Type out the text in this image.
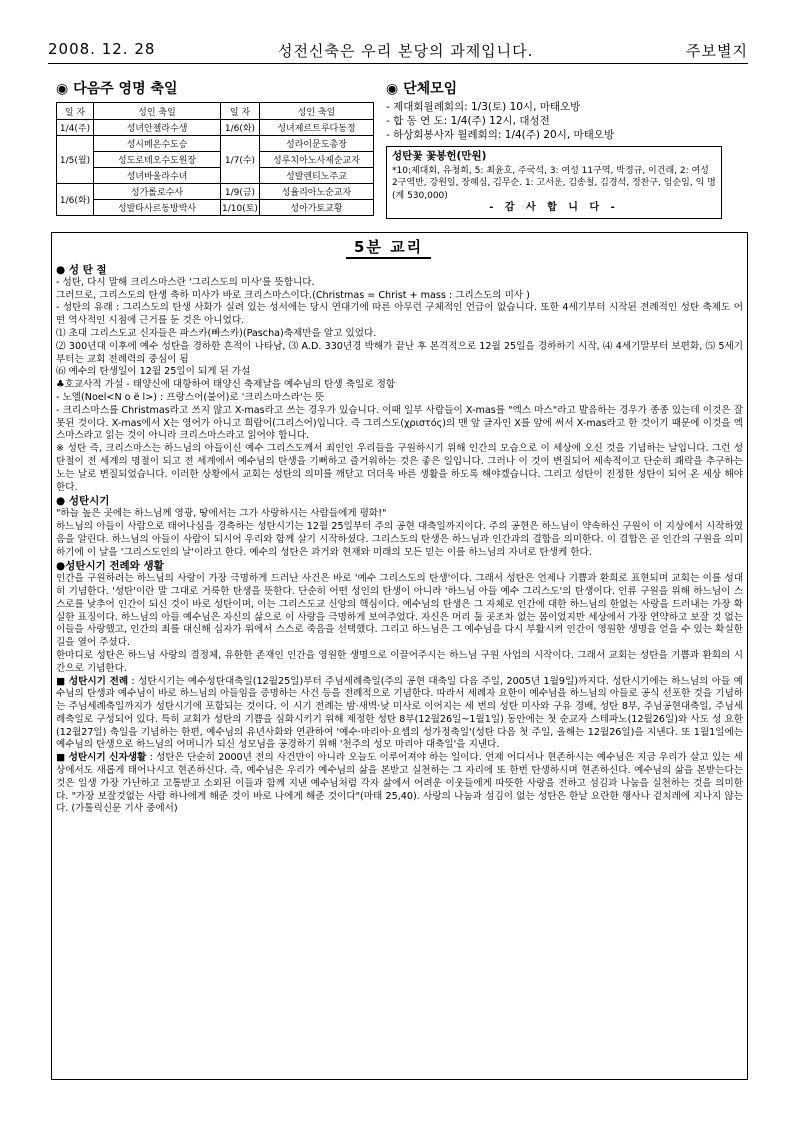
2008. 12. 28	성전신축은 우리 본당의 과제입니다.	주보별지
◉ 다음주 영명 축일
일 자	성인 축일	일 자	성인 축일
1/4(주)	성녀안젤라수생	1/6(화)	성녀제르트루다동정
1/5(월)	성시메온수도승	1/7(수)	성라이문도총장
	성도로테오수도원장		성루치아노사제순교자
	성녀바울라수녀		성발렌티노주교
1/6(화)	성가롤로수사	1/9(금)	성율리아노순교자
	성발타사르동방박사	1/10(토)	성아가토교황
◉ 단체모임
- 제대회월례회의: 1/3(토) 10시, 마태오방
- 합 동 연 도: 1/4(주) 12시, 대성전
- 하상회봉사자 월례회의: 1/4(주) 20시, 마태오방
성탄꽃 꽃봉헌(만원)
*10:제대회, 유청희, 5: 최윤호, 주국석, 3: 여성 11구역, 박정규, 이건래, 2: 여성 2구역반, 강원일, 장혜심, 김무순. 1: 고서운, 김송철, 김경석, 정찬구, 임순임, 익 명(계 530,000)
- 감 사 합 니 다 -
5분 교리

● 성 탄 절

- 성탄, 다시 말해 크리스마스란 '그리스도의 미사'를 뜻합니다.

그러므로, 그리스도의 탄생 축하 미사가 바로 크리스마스이다.(Christmas = Christ + mass : 그리스도의 미사 )

- 성탄의 유래 : 그리스도의 탄생 사화가 실려 있는 성서에는 당시 연대기에 따른 아무런 구체적인 언급이 없습니다. 또한 4세기부터 시작된 전례적인 성탄 축제도 어떤 역사적인 시점에 근거를 둔 것은 아니었다.

⑴ 초대 그리스도교 신자들은 파스카(빠스카)(Pascha)축제만을 알고 있었다.

⑵ 300년대 이후에 예수 성탄을 경하한 흔적이 나타남, ⑶ A.D. 330년경 박해가 끝난 후 본격적으로 12월 25일을 경하하기 시작, ⑷ 4세기말부터 보편화, ⑸ 5세기부터는 교회 전례력의 중심이 됨

⑹ 예수의 탄생일이 12월 25일이 되게 된 가설

♣호교사적 가설 - 태양신에 대항하여 태양신 축제날을 예수님의 탄생 축일로 정함

- 노엘(Noel<N o ё l>) : 프랑스어(불어)로 '크리스마스라'는 뜻

- 크리스마스를 Christmas라고 쓰지 않고 X-mas라고 쓰는 경우가 있습니다. 이때 일부 사람들이 X-mas를 "엑스 마스"라고 발음하는 경우가 종종 있는데 이것은 잘못된 것이다. X-mas에서 X는 영어가 아니고 희랍어(그리스어)입니다. 즉 그리스도(χριστός)의 맨 앞 글자인 X를 앞에 써서 X-mas라고 한 것이기 때문에 이것을 엑스마스라고 읽는 것이 아니라 크리스마스라고 읽어야 합니다.

※ 성탄 즉, 크리스마스는 하느님의 아들이신 예수 그리스도께서 죄인인 우리들을 구원하시기 위해 인간의 모습으로 이 세상에 오신 것을 기념하는 날입니다. 그런 성탄절이 전 세계의 명절이 되고 전 세계에서 예수님의 탄생을 기뻐하고 즐거워하는 것은 좋은 일입니다. 그러나 이 것이 변질되어 세속적이고 단순히 쾌락을 추구하는 노는 날로 변질되었습니다. 이러한 상황에서 교회는 성탄의 의미를 깨닫고 더더욱 바른 생활을 하도록 해야겠습니다. 그리고 성탄이 진정한 성탄이 되어 온 세상 해야 한다.

● 성탄시기

"하늘 높은 곳에는 하느님께 영광, 땅에서는 그가 사랑하시는 사람들에게 평화!"

하느님의 아들이 사람으로 태어나심을 경축하는 성탄시기는 12월 25일부터 주의 공현 대축일까지이다. 주의 공현은 하느님이 약속하신 구원이 이 지상에서 시작하였음을 알린다. 하느님의 아들이 사람이 되시어 우리와 함께 살기 시작하셨다. 그리스도의 탄생은 하느님과 인간과의 결합을 의미한다. 이 결합은 곧 인간의 구원을 의미하기에 이 날을 '그리스도인의 날'이라고 한다. 예수의 성탄은 과거와 현재와 미래의 모든 믿는 이를 하느님의 자녀로 탄생케 한다.

●성탄시기 전례와 생활

인간을 구원하려는 하느님의 사랑이 가장 극명하게 드러난 사건은 바로 '예수 그리스도의 탄생'이다. 그래서 성탄은 언제나 기쁨과 환희로 표현되며 교회는 이를 성대히 기념한다. '성탄'이란 말 그대로 거룩한 탄생을 뜻한다. 단순히 어떤 성인의 탄생이 아니라 '하느님 아들 예수 그리스도'의 탄생이다. 인류 구원을 위해 하느님이 스스로를 낮추어 인간이 되신 것이 바로 성탄이며, 이는 그리스도교 신앙의 핵심이다. 예수님의 탄생은 그 자체로 인간에 대한 하느님의 한없는 사랑을 드러내는 가장 확실한 표징이다. 하느님의 아들 예수님은 자신의 삶으로 이 사랑을 극명하게 보여주었다. 자신은 머리 둘 곳조차 없는 몸이었지만 세상에서 가장 연약하고 보잘 것 없는 이들을 사랑했고, 인간의 죄를 대신해 십자가 위에서 스스로 죽음을 선택했다. 그리고 하느님은 그 예수님을 다시 부활시켜 인간이 영원한 생명을 얻을 수 있는 확실한 길을 열어 주셨다.

한마디로 성탄은 하느님 사랑의 결정체, 유한한 존재인 인간을 영원한 생명으로 이끌어주시는 하느님 구원 사업의 시작이다. 그래서 교회는 성탄을 기쁨과 환희의 시간으로 기념한다.

■ 성탄시기 전례 : 성탄시기는 예수성탄대축일(12월25일)부터 주님세례축일(주의 공현 대축일 다음 주일, 2005년 1월9일)까지다. 성탄시기에는 하느님의 아들 예수님의 탄생과 예수님이 바로 하느님의 아들임을 증명하는 사건 등을 전례적으로 기념한다. 따라서 세례자 요한이 예수님을 하느님의 아들로 공식 선포한 것을 기념하는 주님세례축일까지가 성탄시기에 포함되는 것이다. 이 시기 전례는 밤·새벽·낮 미사로 이어지는 세 번의 성탄 미사와 구유 경배, 성탄 8부, 주님공현대축일, 주님세례축일로 구성되어 있다. 특히 교회가 성탄의 기쁨을 심화시키기 위해 제정한 성탄 8부(12월26일~1월1일) 동안에는 첫 순교자 스테파노(12월26일)와 사도 성 요한(12월27일) 축일을 기념하는 한편, 예수님의 유년사화와 연관하여 '예수·마리아·요셉의 성가정축일'(성탄 다음 첫 주일, 올해는 12월26일)을 지낸다. 또 1월1일에는 예수님의 탄생으로 하느님의 어머니가 되신 성모님을 공경하기 위해 '천주의 성모 마리아 대축일'을 지낸다.

■ 성탄시기 신자생활 : 성탄은 단순히 2000년 전의 사건만이 아니라 오늘도 이루어져야 하는 일이다. 언제 어디서나 현존하시는 예수님은 지금 우리가 살고 있는 세상에서도 새롭게 태어나시고 현존하신다. 즉, 예수님은 우리가 예수님의 삶을 본받고 실천하는 그 자리에 또 한번 탄생하시며 현존하신다. 예수님의 삶을 본받는다는 것은 일생 가장 가난하고 고통받고 소외된 이들과 함께 지낸 예수님처럼 각자 삶에서 어려운 이웃들에게 따뜻한 사랑을 전하고 섬김과 나눔을 실천하는 것을 의미한다. "가장 보잘것없는 사람 하나에게 해준 것이 바로 나에게 해준 것이다"(마태 25,40). 사랑의 나눔과 섬김이 없는 성탄은 한낱 요란한 행사나 겉치레에 지나지 않는다. (가톨릭신문 기사 중에서)
